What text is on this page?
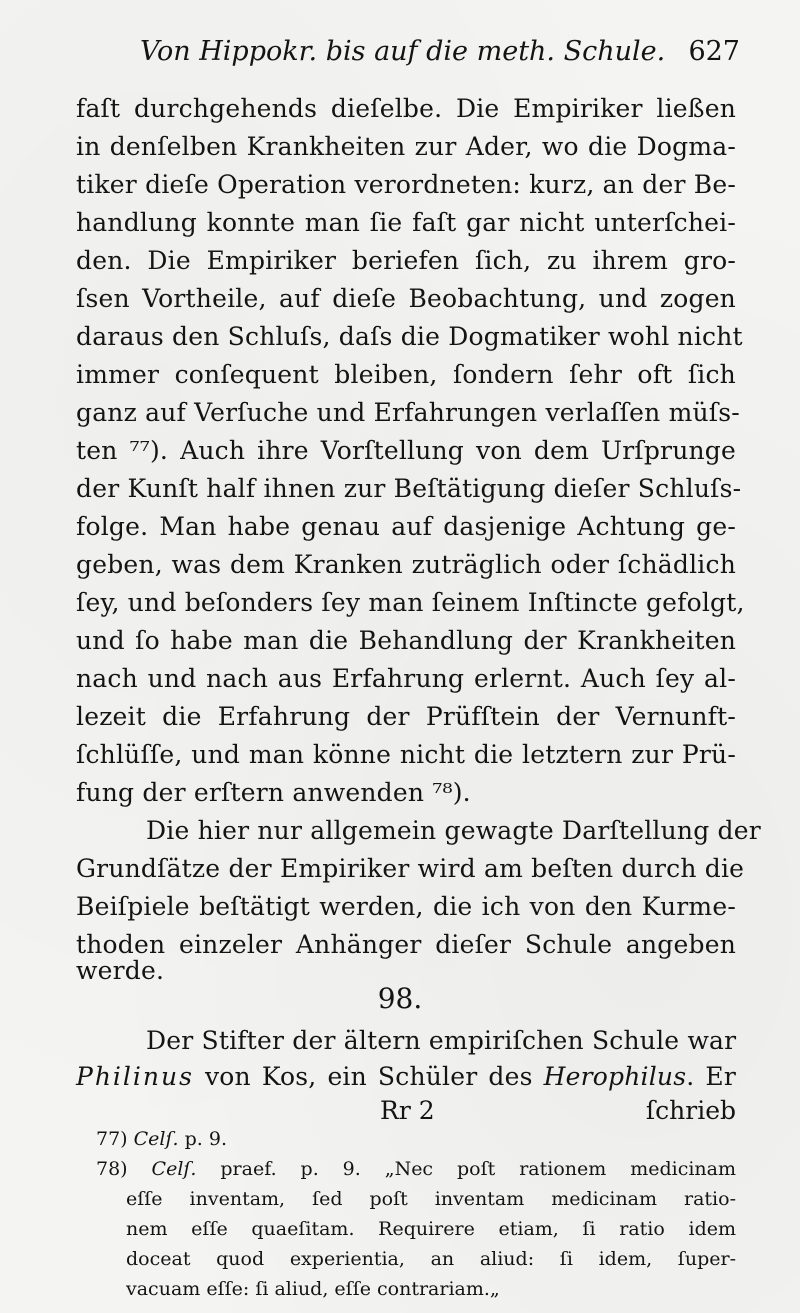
Von Hippokr. bis auf die meth. Schule. 627
faſt durchgehends dieſelbe. Die Empiriker ließen
in denſelben Krankheiten zur Ader, wo die Dogma-
tiker dieſe Operation verordneten: kurz, an der Be-
handlung konnte man ſie faſt gar nicht unterſchei-
den. Die Empiriker beriefen ſich, zu ihrem gro-
ſsen Vortheile, auf dieſe Beobachtung, und zogen
daraus den Schluſs, daſs die Dogmatiker wohl nicht
immer conſequent bleiben, ſondern ſehr oft ſich
ganz auf Verſuche und Erfahrungen verlaſſen müſs-
ten ⁷⁷). Auch ihre Vorſtellung von dem Urſprunge
der Kunſt half ihnen zur Beſtätigung dieſer Schluſs-
folge. Man habe genau auf dasjenige Achtung ge-
geben, was dem Kranken zuträglich oder ſchädlich
ſey, und beſonders ſey man ſeinem Inſtincte gefolgt,
und ſo habe man die Behandlung der Krankheiten
nach und nach aus Erfahrung erlernt. Auch ſey al-
lezeit die Erfahrung der Prüfſtein der Vernunft-
ſchlüſſe, und man könne nicht die letztern zur Prü-
fung der erſtern anwenden ⁷⁸).
Die hier nur allgemein gewagte Darſtellung der
Grundſätze der Empiriker wird am beſten durch die
Beiſpiele beſtätigt werden, die ich von den Kurme-
thoden einzeler Anhänger dieſer Schule angeben
werde.
98.
Der Stifter der ältern empiriſchen Schule war
Philinus von Kos, ein Schüler des Herophilus. Er
Rr 2	ſchrieb
77) Celſ. p. 9.
78) Celſ. praef. p. 9. „Nec poſt rationem medicinam
eſſe inventam, ſed poſt inventam medicinam ratio-
nem eſſe quaeſitam. Requirere etiam, ſi ratio idem
doceat quod experientia, an aliud: ſi idem, ſuper-
vacuam eſſe: ſi aliud, eſſe contrariam.„
